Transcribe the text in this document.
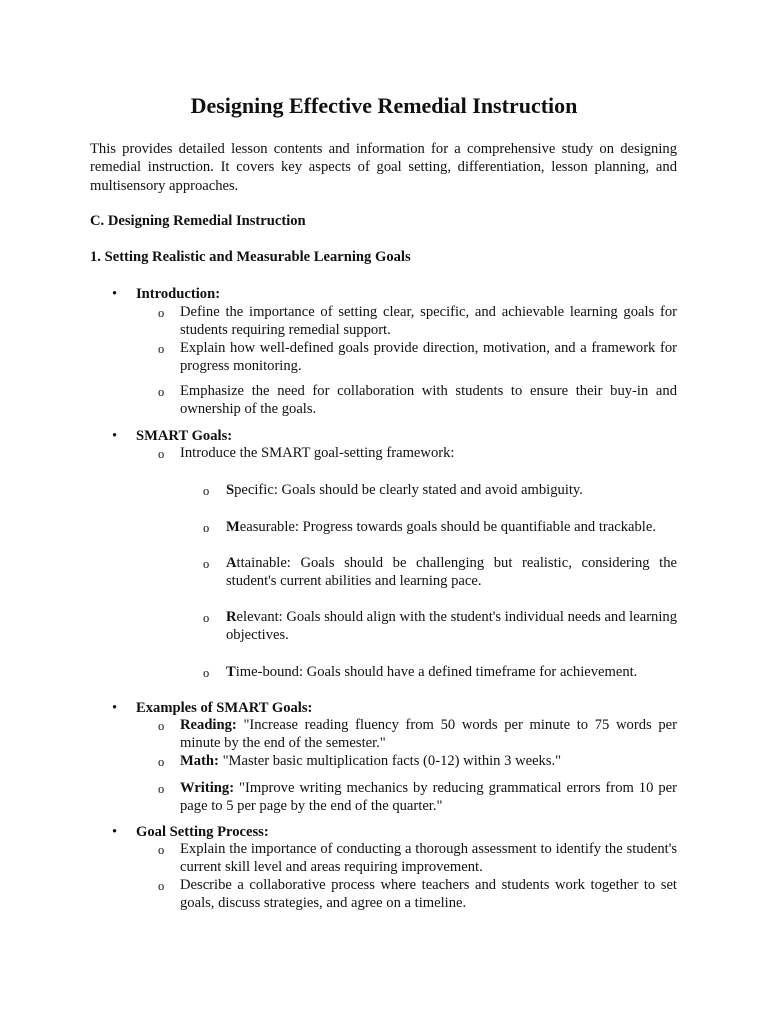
Designing Effective Remedial Instruction

This provides detailed lesson contents and information for a comprehensive study on designing remedial instruction. It covers key aspects of goal setting, differentiation, lesson planning, and multisensory approaches.

C. Designing Remedial Instruction

1. Setting Realistic and Measurable Learning Goals

• Introduction:
o Define the importance of setting clear, specific, and achievable learning goals for students requiring remedial support.

o Explain how well-defined goals provide direction, motivation, and a framework for progress monitoring.

o Emphasize the need for collaboration with students to ensure their buy-in and ownership of the goals.

• SMART Goals:
o Introduce the SMART goal-setting framework:

o Specific: Goals should be clearly stated and avoid ambiguity.

o Measurable: Progress towards goals should be quantifiable and trackable.

o Attainable: Goals should be challenging but realistic, considering the student's current abilities and learning pace.

o Relevant: Goals should align with the student's individual needs and learning objectives.

o Time-bound: Goals should have a defined timeframe for achievement.

• Examples of SMART Goals:
o Reading: "Increase reading fluency from 50 words per minute to 75 words per minute by the end of the semester."

o Math: "Master basic multiplication facts (0-12) within 3 weeks."

o Writing: "Improve writing mechanics by reducing grammatical errors from 10 per page to 5 per page by the end of the quarter."

• Goal Setting Process:
o Explain the importance of conducting a thorough assessment to identify the student's current skill level and areas requiring improvement.

o Describe a collaborative process where teachers and students work together to set goals, discuss strategies, and agree on a timeline.
